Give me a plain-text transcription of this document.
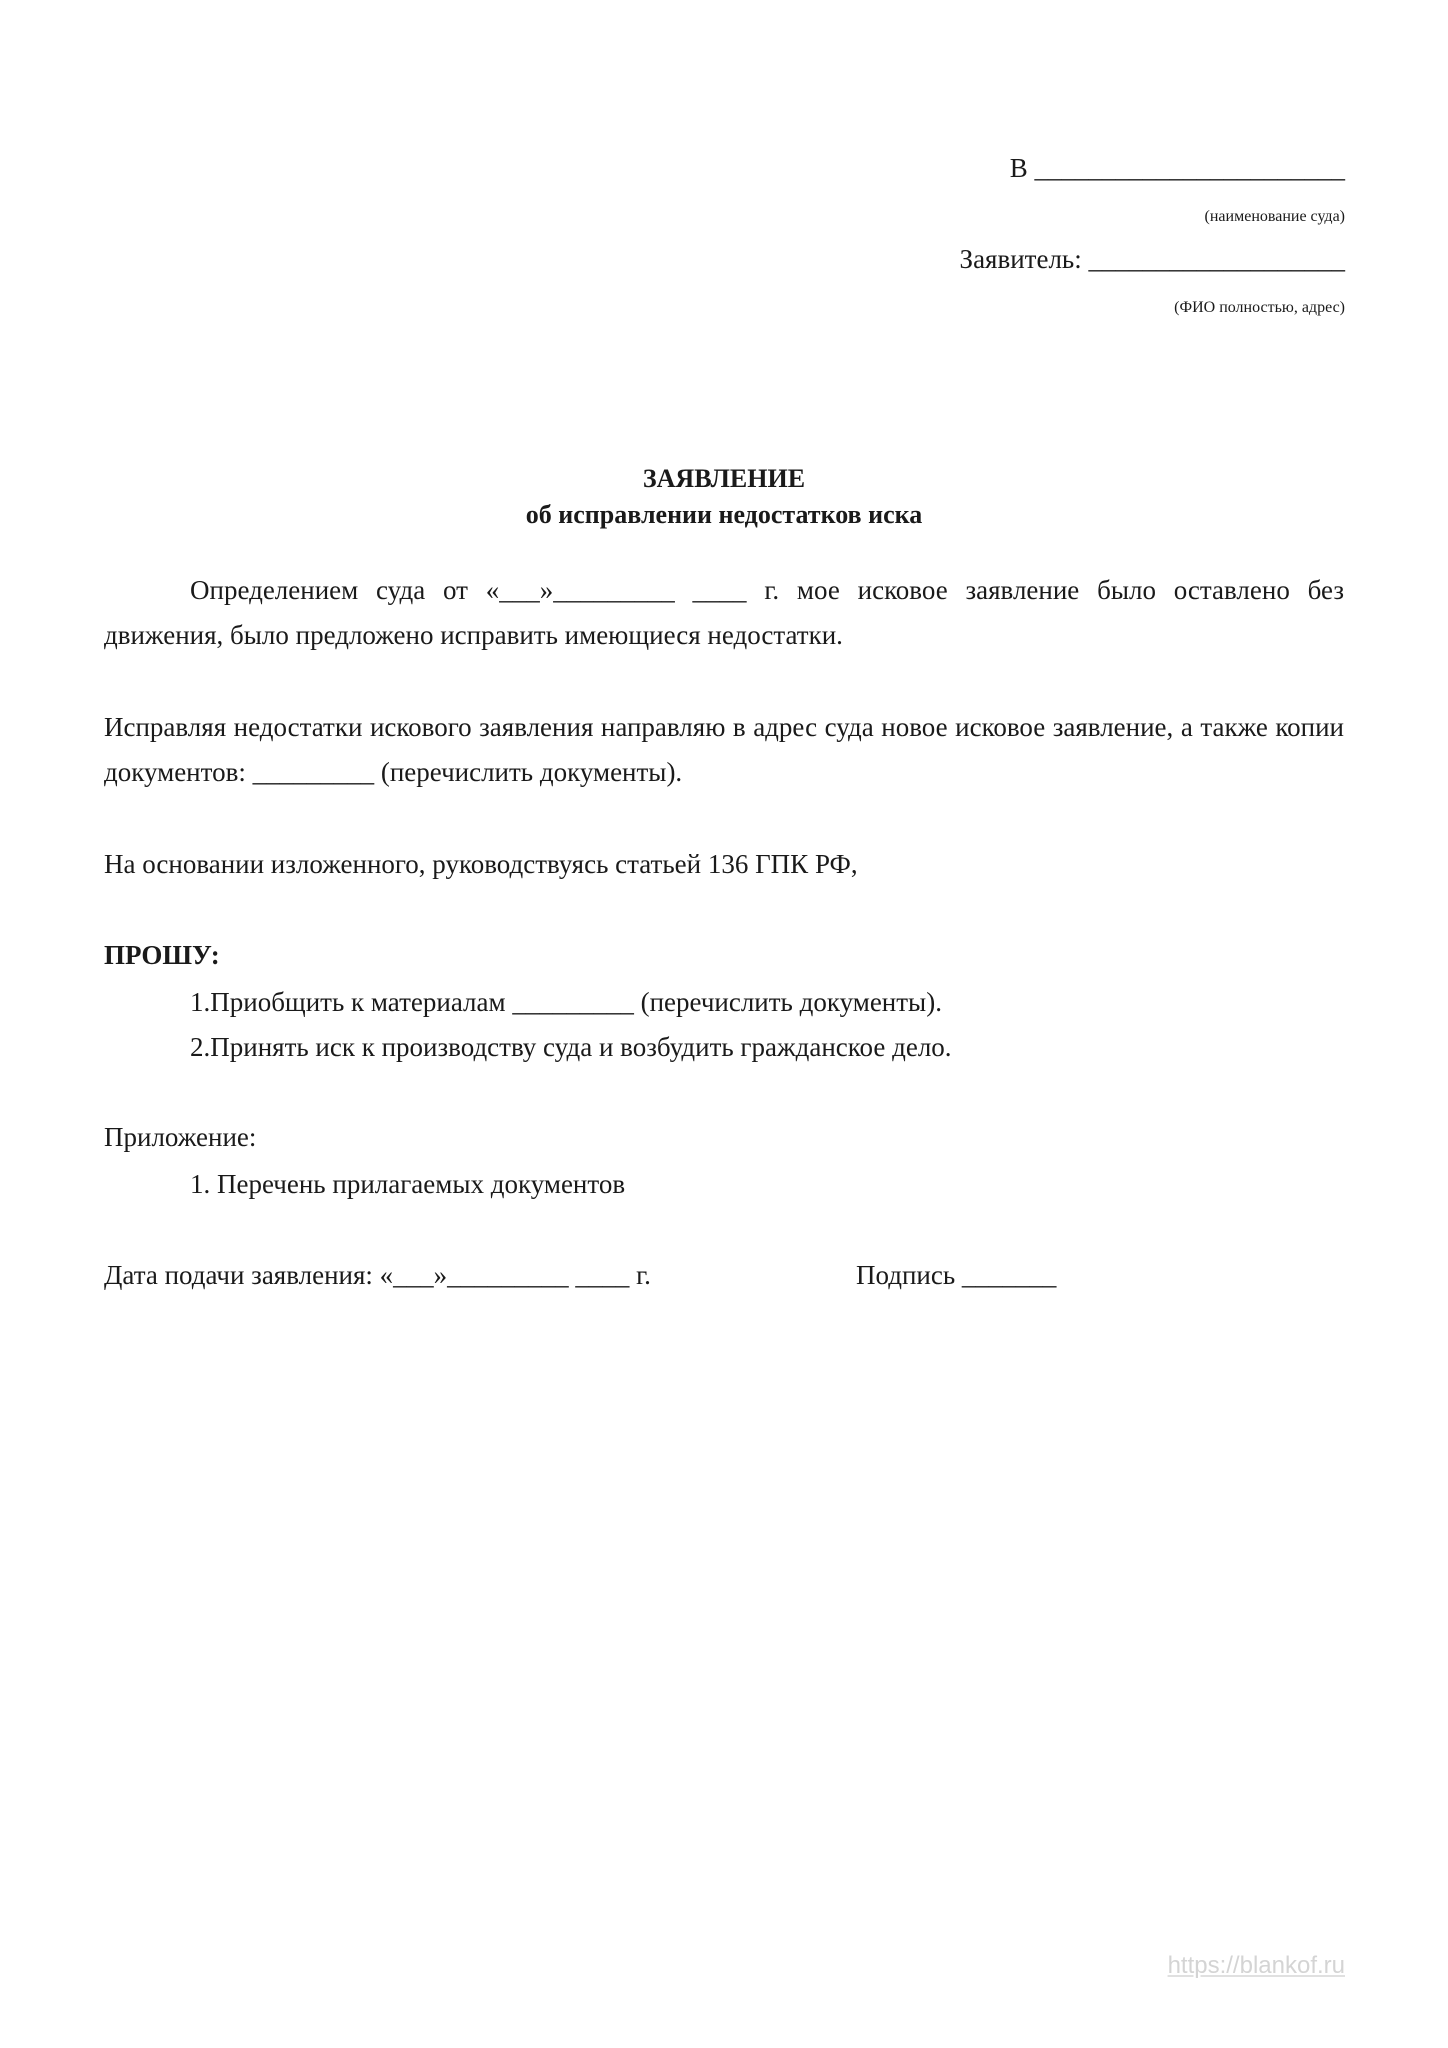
В _______________________
(наименование суда)
Заявитель: ___________________
(ФИО полностью, адрес)
ЗАЯВЛЕНИЕ
об исправлении недостатков иска
Определением суда от «___»_________ ____ г. мое исковое заявление было оставлено без движения, было предложено исправить имеющиеся недостатки.
Исправляя недостатки искового заявления направляю в адрес суда новое исковое заявление, а также копии документов: _________ (перечислить документы).
На основании изложенного, руководствуясь статьей 136 ГПК РФ,
ПРОШУ:
1.Приобщить к материалам _________ (перечислить документы).
2.Принять иск к производству суда и возбудить гражданское дело.
Приложение:
1. Перечень прилагаемых документов
Дата подачи заявления: «___»_________ ____ г.	Подпись _______
https://blankof.ru
